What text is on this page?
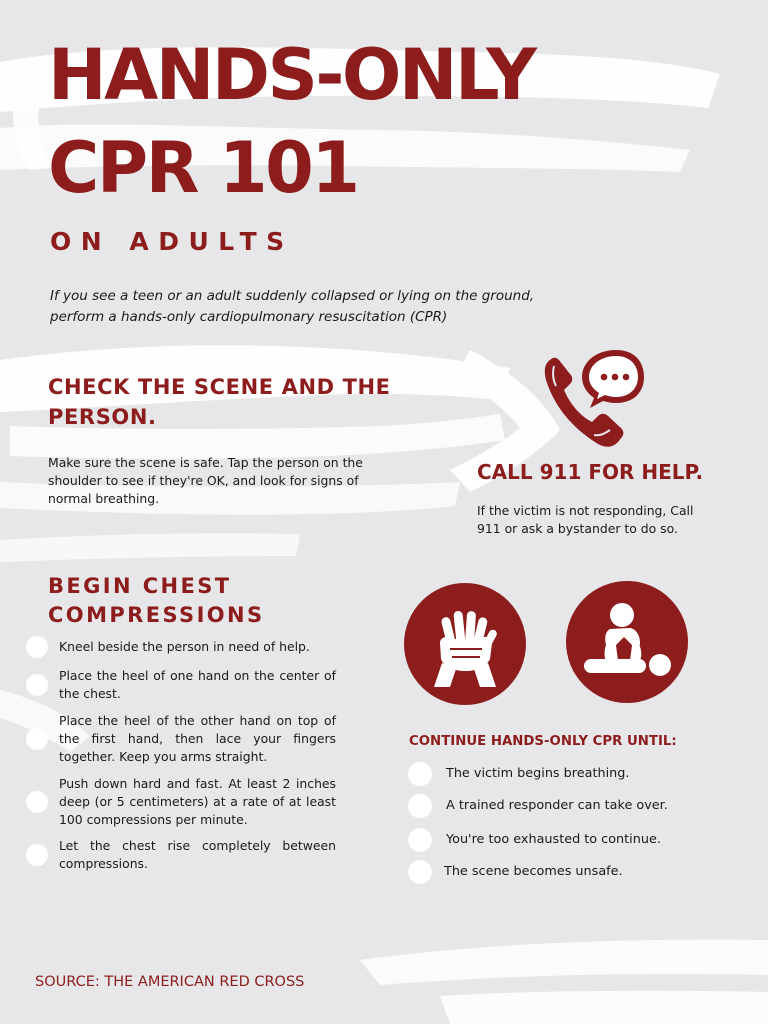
HANDS-ONLY
CPR 101

ON ADULTS

If you see a teen or an adult suddenly collapsed or lying on the ground, perform a hands-only cardiopulmonary resuscitation (CPR)

CHECK THE SCENE AND THE PERSON.

Make sure the scene is safe. Tap the person on the shoulder to see if they're OK, and look for signs of normal breathing.

CALL 911 FOR HELP.

If the victim is not responding, Call 911 or ask a bystander to do so.

BEGIN CHEST COMPRESSIONS
Kneel beside the person in need of help.
Place the heel of one hand on the center of the chest.
Place the heel of the other hand on top of the first hand, then lace your fingers together. Keep you arms straight.
Push down hard and fast. At least 2 inches deep (or 5 centimeters) at a rate of at least 100 compressions per minute.
Let the chest rise completely between compressions.

CONTINUE HANDS-ONLY CPR UNTIL:

The victim begins breathing.
A trained responder can take over.
You're too exhausted to continue.
The scene becomes unsafe.

SOURCE: THE AMERICAN RED CROSS
